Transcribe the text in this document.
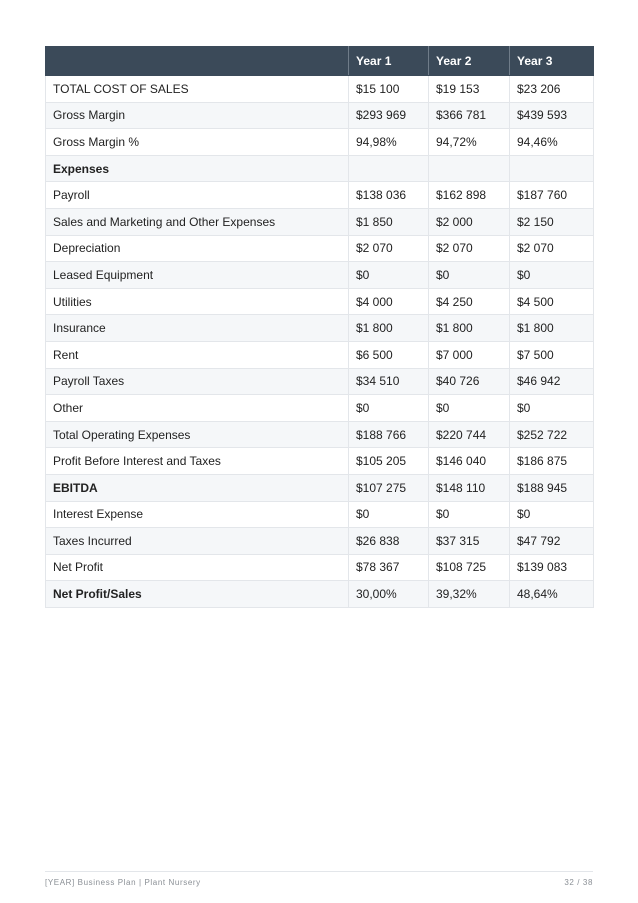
	Year 1	Year 2	Year 3
TOTAL COST OF SALES	$15 100	$19 153	$23 206
Gross Margin	$293 969	$366 781	$439 593
Gross Margin %	94,98%	94,72%	94,46%
Expenses			
Payroll	$138 036	$162 898	$187 760
Sales and Marketing and Other Expenses	$1 850	$2 000	$2 150
Depreciation	$2 070	$2 070	$2 070
Leased Equipment	$0	$0	$0
Utilities	$4 000	$4 250	$4 500
Insurance	$1 800	$1 800	$1 800
Rent	$6 500	$7 000	$7 500
Payroll Taxes	$34 510	$40 726	$46 942
Other	$0	$0	$0
Total Operating Expenses	$188 766	$220 744	$252 722
Profit Before Interest and Taxes	$105 205	$146 040	$186 875
EBITDA	$107 275	$148 110	$188 945
Interest Expense	$0	$0	$0
Taxes Incurred	$26 838	$37 315	$47 792
Net Profit	$78 367	$108 725	$139 083
Net Profit/Sales	30,00%	39,32%	48,64%
[YEAR] Business Plan | Plant Nursery	32 / 38
